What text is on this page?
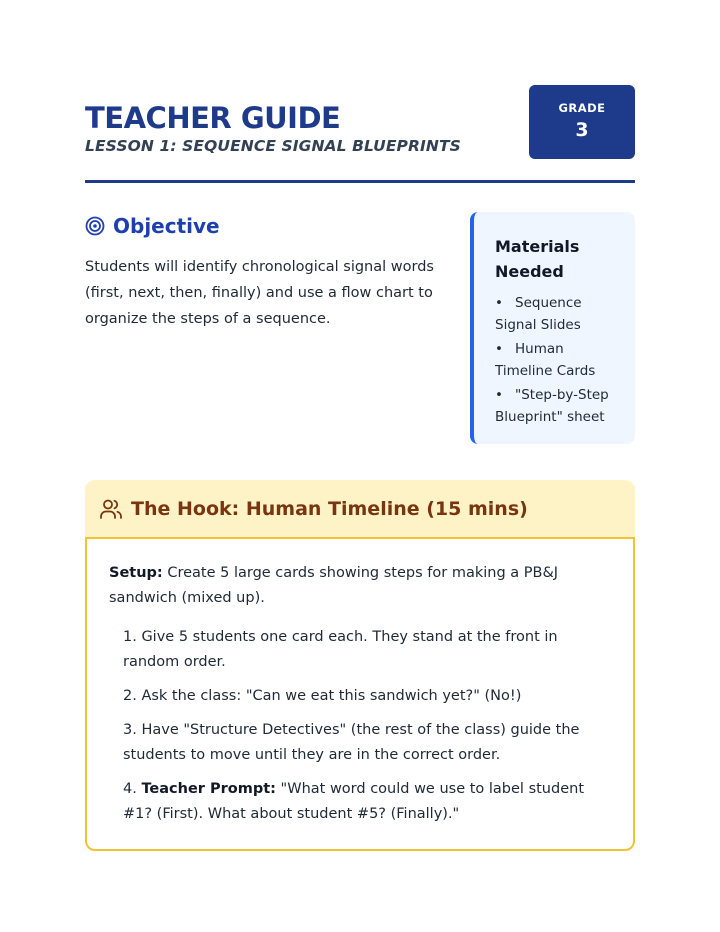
TEACHER GUIDE
LESSON 1: SEQUENCE SIGNAL BLUEPRINTS
GRADE
3
Objective

Students will identify chronological signal words (first, next, then, finally) and use a flow chart to organize the steps of a sequence.

Materials Needed
• Sequence Signal Slides
• Human Timeline Cards
• "Step-by-Step Blueprint" sheet
The Hook: Human Timeline (15 mins)

Setup: Create 5 large cards showing steps for making a PB&J sandwich (mixed up).

1. Give 5 students one card each. They stand at the front in random order.

2. Ask the class: "Can we eat this sandwich yet?" (No!)

3. Have "Structure Detectives" (the rest of the class) guide the students to move until they are in the correct order.

4. Teacher Prompt: "What word could we use to label student #1? (First). What about student #5? (Finally)."
